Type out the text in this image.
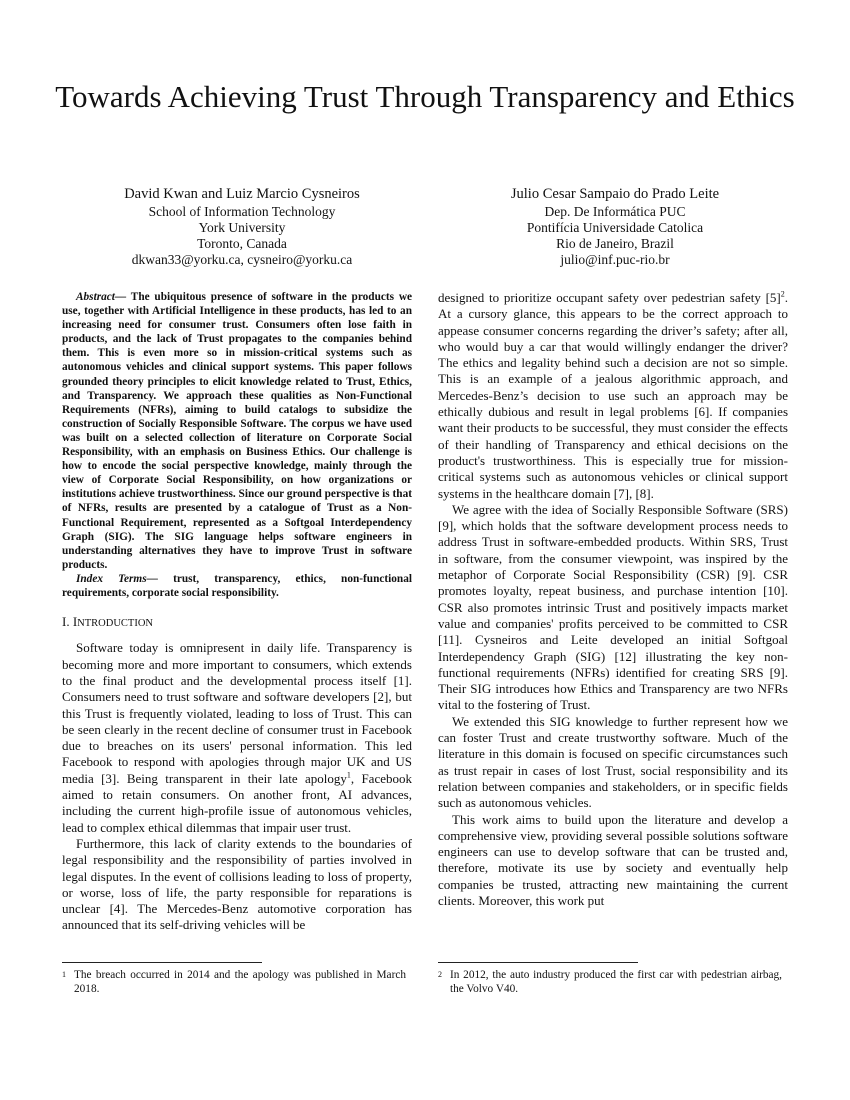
Towards Achieving Trust Through Transparency and Ethics
David Kwan and Luiz Marcio Cysneiros
School of Information Technology
York University
Toronto, Canada
dkwan33@yorku.ca, cysneiro@yorku.ca
Julio Cesar Sampaio do Prado Leite
Dep. De Informática PUC
Pontifícia Universidade Catolica
Rio de Janeiro, Brazil
julio@inf.puc-rio.br

Abstract— The ubiquitous presence of software in the products we use, together with Artificial Intelligence in these products, has led to an increasing need for consumer trust. Consumers often lose faith in products, and the lack of Trust propagates to the companies behind them. This is even more so in mission-critical systems such as autonomous vehicles and clinical support systems. This paper follows grounded theory principles to elicit knowledge related to Trust, Ethics, and Transparency. We approach these qualities as Non-Functional Requirements (NFRs), aiming to build catalogs to subsidize the construction of Socially Responsible Software. The corpus we have used was built on a selected collection of literature on Corporate Social Responsibility, with an emphasis on Business Ethics. Our challenge is how to encode the social perspective knowledge, mainly through the view of Corporate Social Responsibility, on how organizations or institutions achieve trustworthiness. Since our ground perspective is that of NFRs, results are presented by a catalogue of Trust as a Non-Functional Requirement, represented as a Softgoal Interdependency Graph (SIG). The SIG language helps software engineers in understanding alternatives they have to improve Trust in software products.

Index Terms— trust, transparency, ethics, non-functional requirements, corporate social responsibility.

I. INTRODUCTION

Software today is omnipresent in daily life. Transparency is becoming more and more important to consumers, which extends to the final product and the developmental process itself [1]. Consumers need to trust software and software developers [2], but this Trust is frequently violated, leading to loss of Trust. This can be seen clearly in the recent decline of consumer trust in Facebook due to breaches on its users' personal information. This led Facebook to respond with apologies through major UK and US media [3]. Being transparent in their late apology$^1$, Facebook aimed to retain consumers. On another front, AI advances, including the current high-profile issue of autonomous vehicles, lead to complex ethical dilemmas that impair user trust.

Furthermore, this lack of clarity extends to the boundaries of legal responsibility and the responsibility of parties involved in legal disputes. In the event of collisions leading to loss of property, or worse, loss of life, the party responsible for reparations is unclear [4]. The Mercedes-Benz automotive corporation has announced that its self-driving vehicles will be

designed to prioritize occupant safety over pedestrian safety $[5]^2$. At a cursory glance, this appears to be the correct approach to appease consumer concerns regarding the driver’s safety; after all, who would buy a car that would willingly endanger the driver? The ethics and legality behind such a decision are not so simple. This is an example of a jealous algorithmic approach, and Mercedes-Benz’s decision to use such an approach may be ethically dubious and result in legal problems [6]. If companies want their products to be successful, they must consider the effects of their handling of Transparency and ethical decisions on the product's trustworthiness. This is especially true for mission-critical systems such as autonomous vehicles or clinical support systems in the healthcare domain [7], [8].

We agree with the idea of Socially Responsible Software (SRS) [9], which holds that the software development process needs to address Trust in software-embedded products. Within SRS, Trust in software, from the consumer viewpoint, was inspired by the metaphor of Corporate Social Responsibility (CSR) [9]. CSR promotes loyalty, repeat business, and purchase intention [10]. CSR also promotes intrinsic Trust and positively impacts market value and companies' profits perceived to be committed to CSR [11]. Cysneiros and Leite developed an initial Softgoal Interdependency Graph (SIG) [12] illustrating the key non-functional requirements (NFRs) identified for creating SRS [9]. Their SIG introduces how Ethics and Transparency are two NFRs vital to the fostering of Trust.

We extended this SIG knowledge to further represent how we can foster Trust and create trustworthy software. Much of the literature in this domain is focused on specific circumstances such as trust repair in cases of lost Trust, social responsibility and its relation between companies and stakeholders, or in specific fields such as autonomous vehicles.

This work aims to build upon the literature and develop a comprehensive view, providing several possible solutions software engineers can use to develop software that can be trusted and, therefore, motivate its use by society and eventually help companies be trusted, attracting new maintaining the current clients. Moreover, this work put

1 The breach occurred in 2014 and the apology was published in March 2018.
2 In 2012, the auto industry produced the first car with pedestrian airbag, the Volvo V40.
